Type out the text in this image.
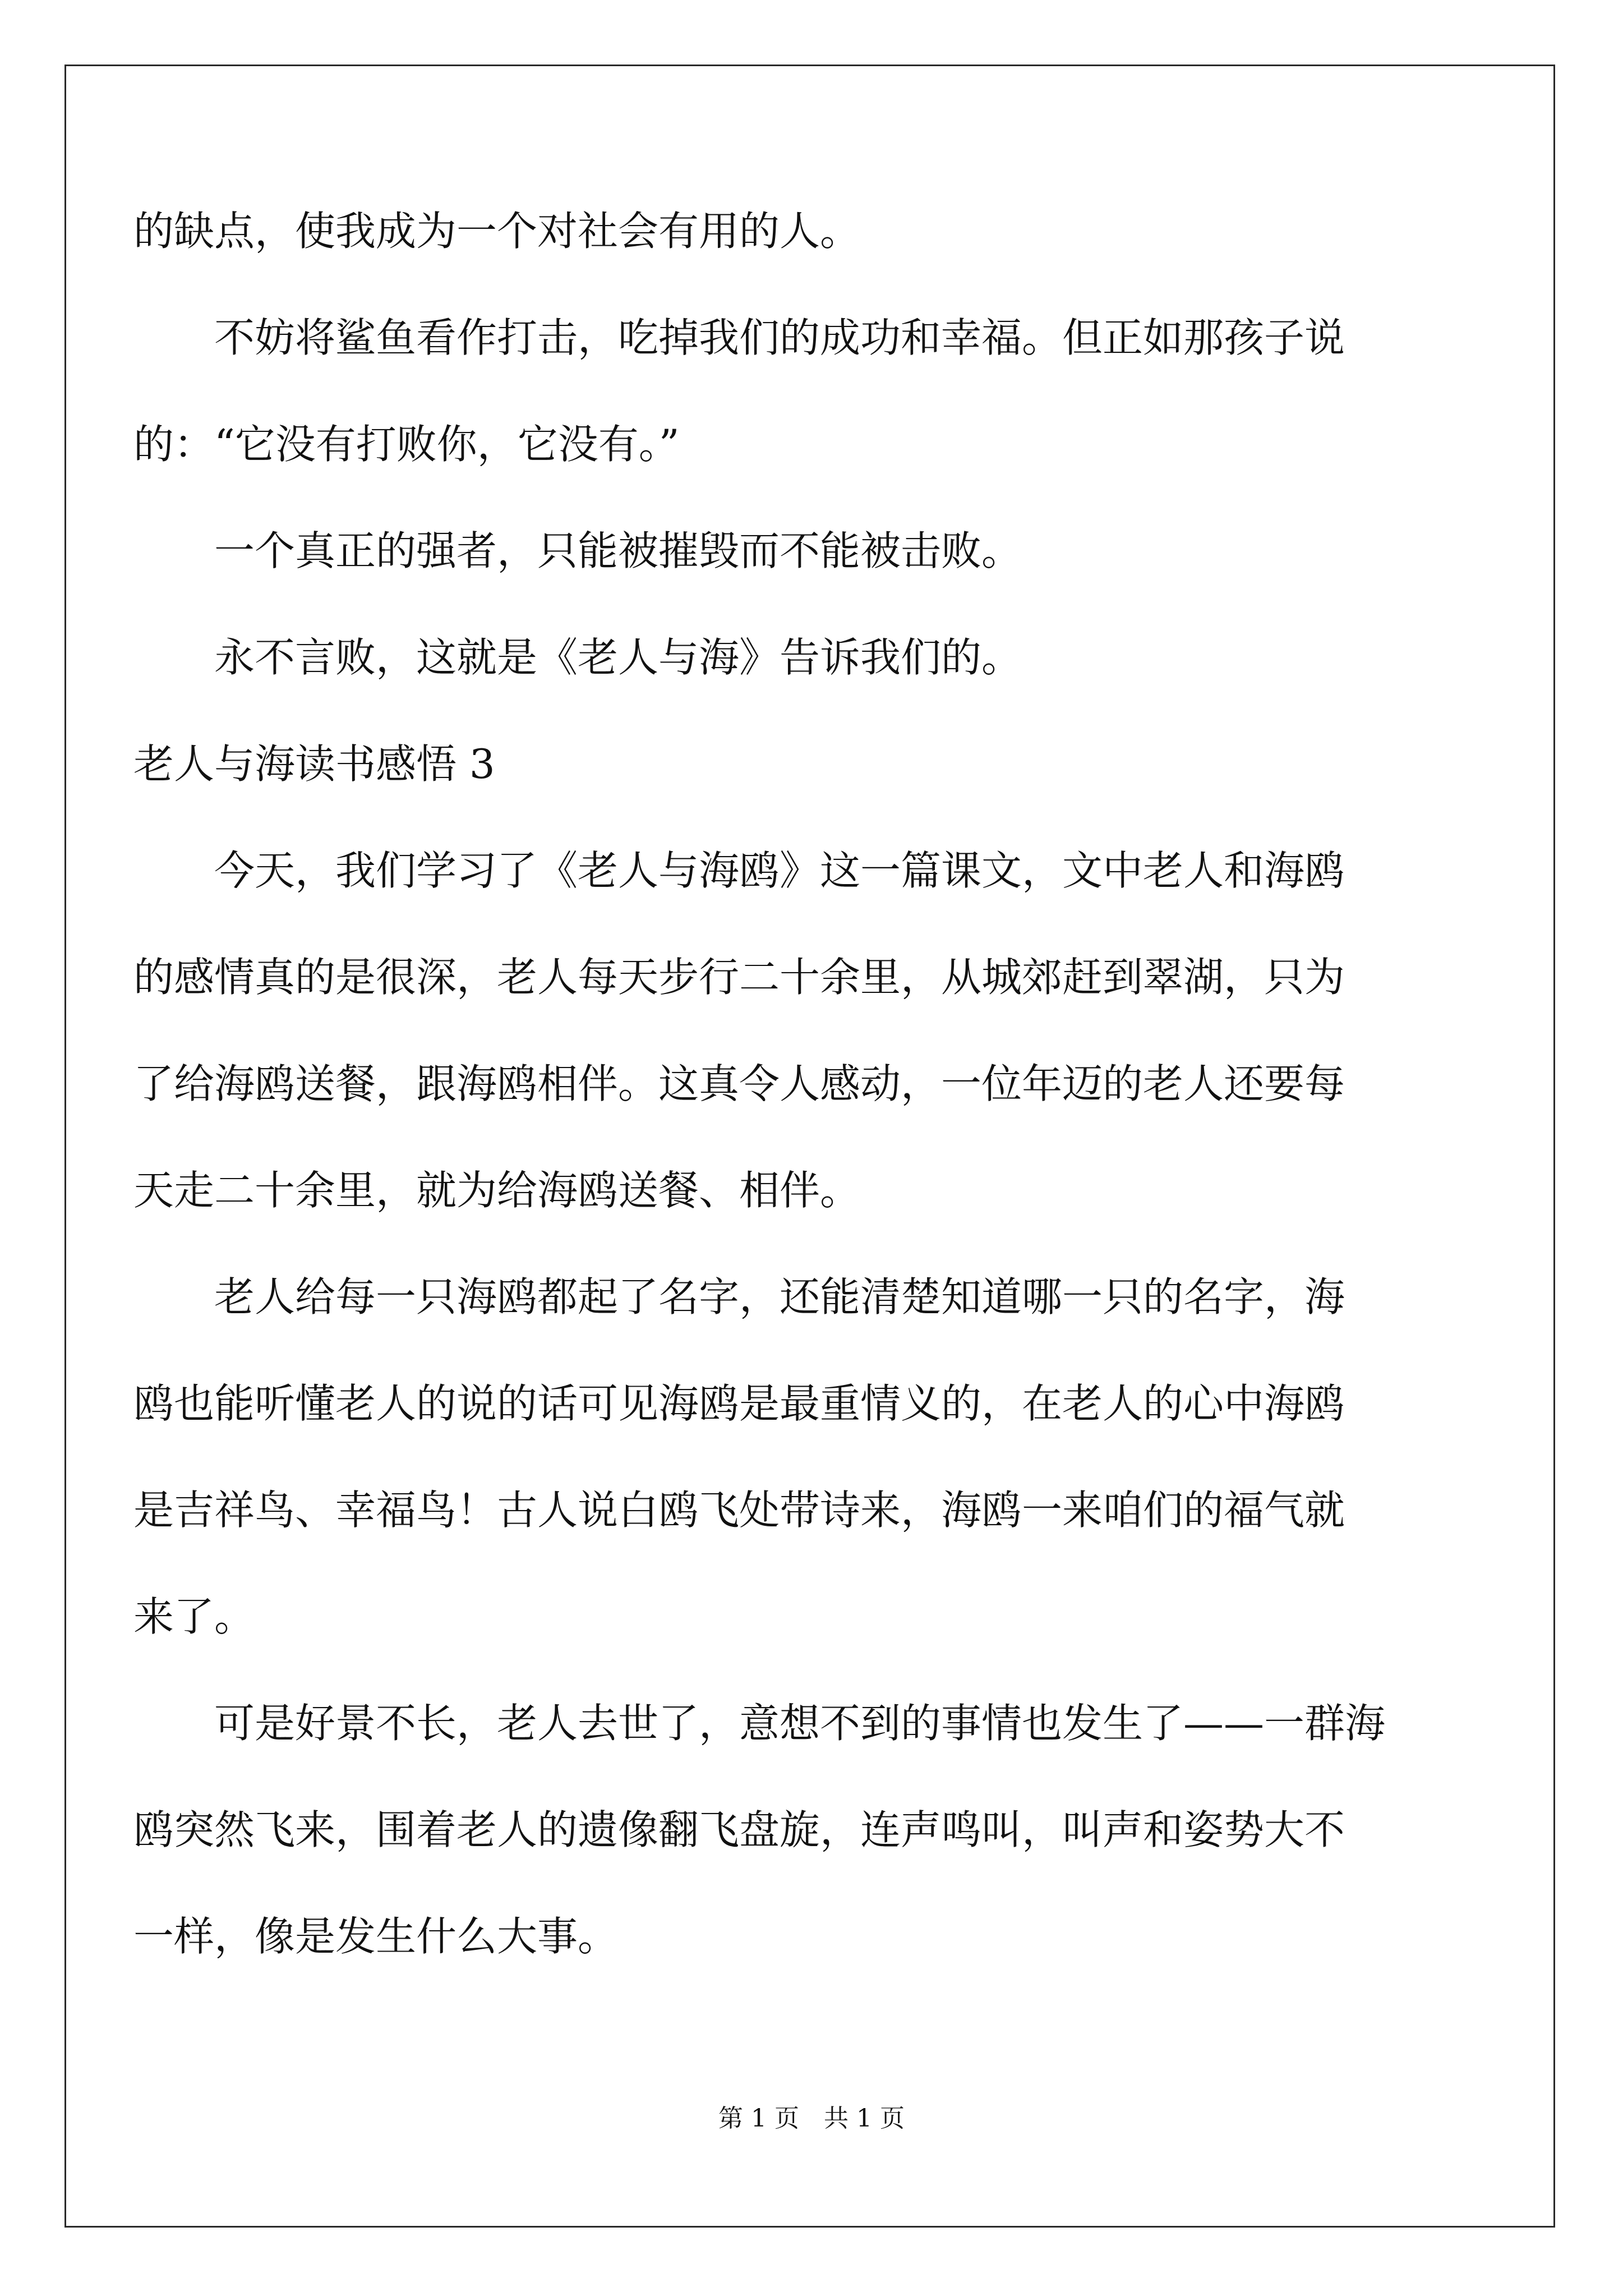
的缺点，使我成为一个对社会有用的人。

不妨将鲨鱼看作打击，吃掉我们的成功和幸福。但正如那孩子说

的：“它没有打败你，它没有。”

一个真正的强者，只能被摧毁而不能被击败。

永不言败，这就是《老人与海》告诉我们的。

老人与海读书感悟 3

今天，我们学习了《老人与海鸥》这一篇课文，文中老人和海鸥

的感情真的是很深，老人每天步行二十余里，从城郊赶到翠湖，只为

了给海鸥送餐，跟海鸥相伴。这真令人感动，一位年迈的老人还要每

天走二十余里，就为给海鸥送餐、相伴。

老人给每一只海鸥都起了名字，还能清楚知道哪一只的名字，海

鸥也能听懂老人的说的话可见海鸥是最重情义的，在老人的心中海鸥

是吉祥鸟、幸福鸟！古人说白鸥飞处带诗来，海鸥一来咱们的福气就

来了。

可是好景不长，老人去世了，意想不到的事情也发生了——一群海

鸥突然飞来，围着老人的遗像翻飞盘旋，连声鸣叫，叫声和姿势大不

一样，像是发生什么大事。

第 1 页　共 1 页
